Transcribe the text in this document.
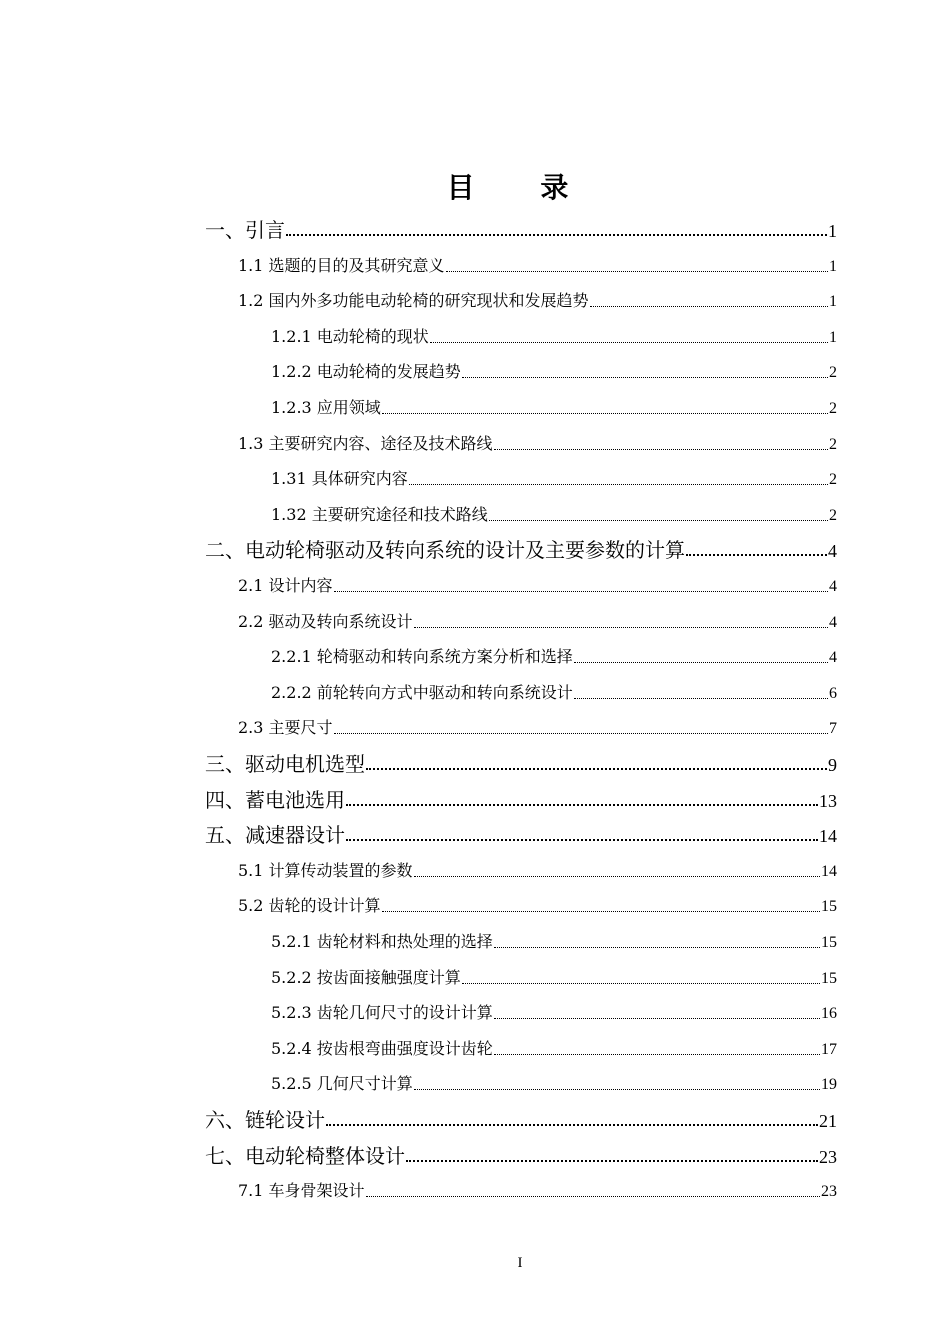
目 录
一、引言	1
1.1 选题的目的及其研究意义	1
1.2 国内外多功能电动轮椅的研究现状和发展趋势	1
1.2.1 电动轮椅的现状	1
1.2.2 电动轮椅的发展趋势	2
1.2.3 应用领域	2
1.3 主要研究内容、途径及技术路线	2
1.31 具体研究内容	2
1.32 主要研究途径和技术路线	2
二、电动轮椅驱动及转向系统的设计及主要参数的计算	4
2.1 设计内容	4
2.2 驱动及转向系统设计	4
2.2.1 轮椅驱动和转向系统方案分析和选择	4
2.2.2 前轮转向方式中驱动和转向系统设计	6
2.3 主要尺寸	7
三、驱动电机选型	9
四、蓄电池选用	13
五、减速器设计	14
5.1 计算传动装置的参数	14
5.2 齿轮的设计计算	15
5.2.1 齿轮材料和热处理的选择	15
5.2.2 按齿面接触强度计算	15
5.2.3 齿轮几何尺寸的设计计算	16
5.2.4 按齿根弯曲强度设计齿轮	17
5.2.5 几何尺寸计算	19
六、链轮设计	21
七、电动轮椅整体设计	23
7.1 车身骨架设计	23
I
